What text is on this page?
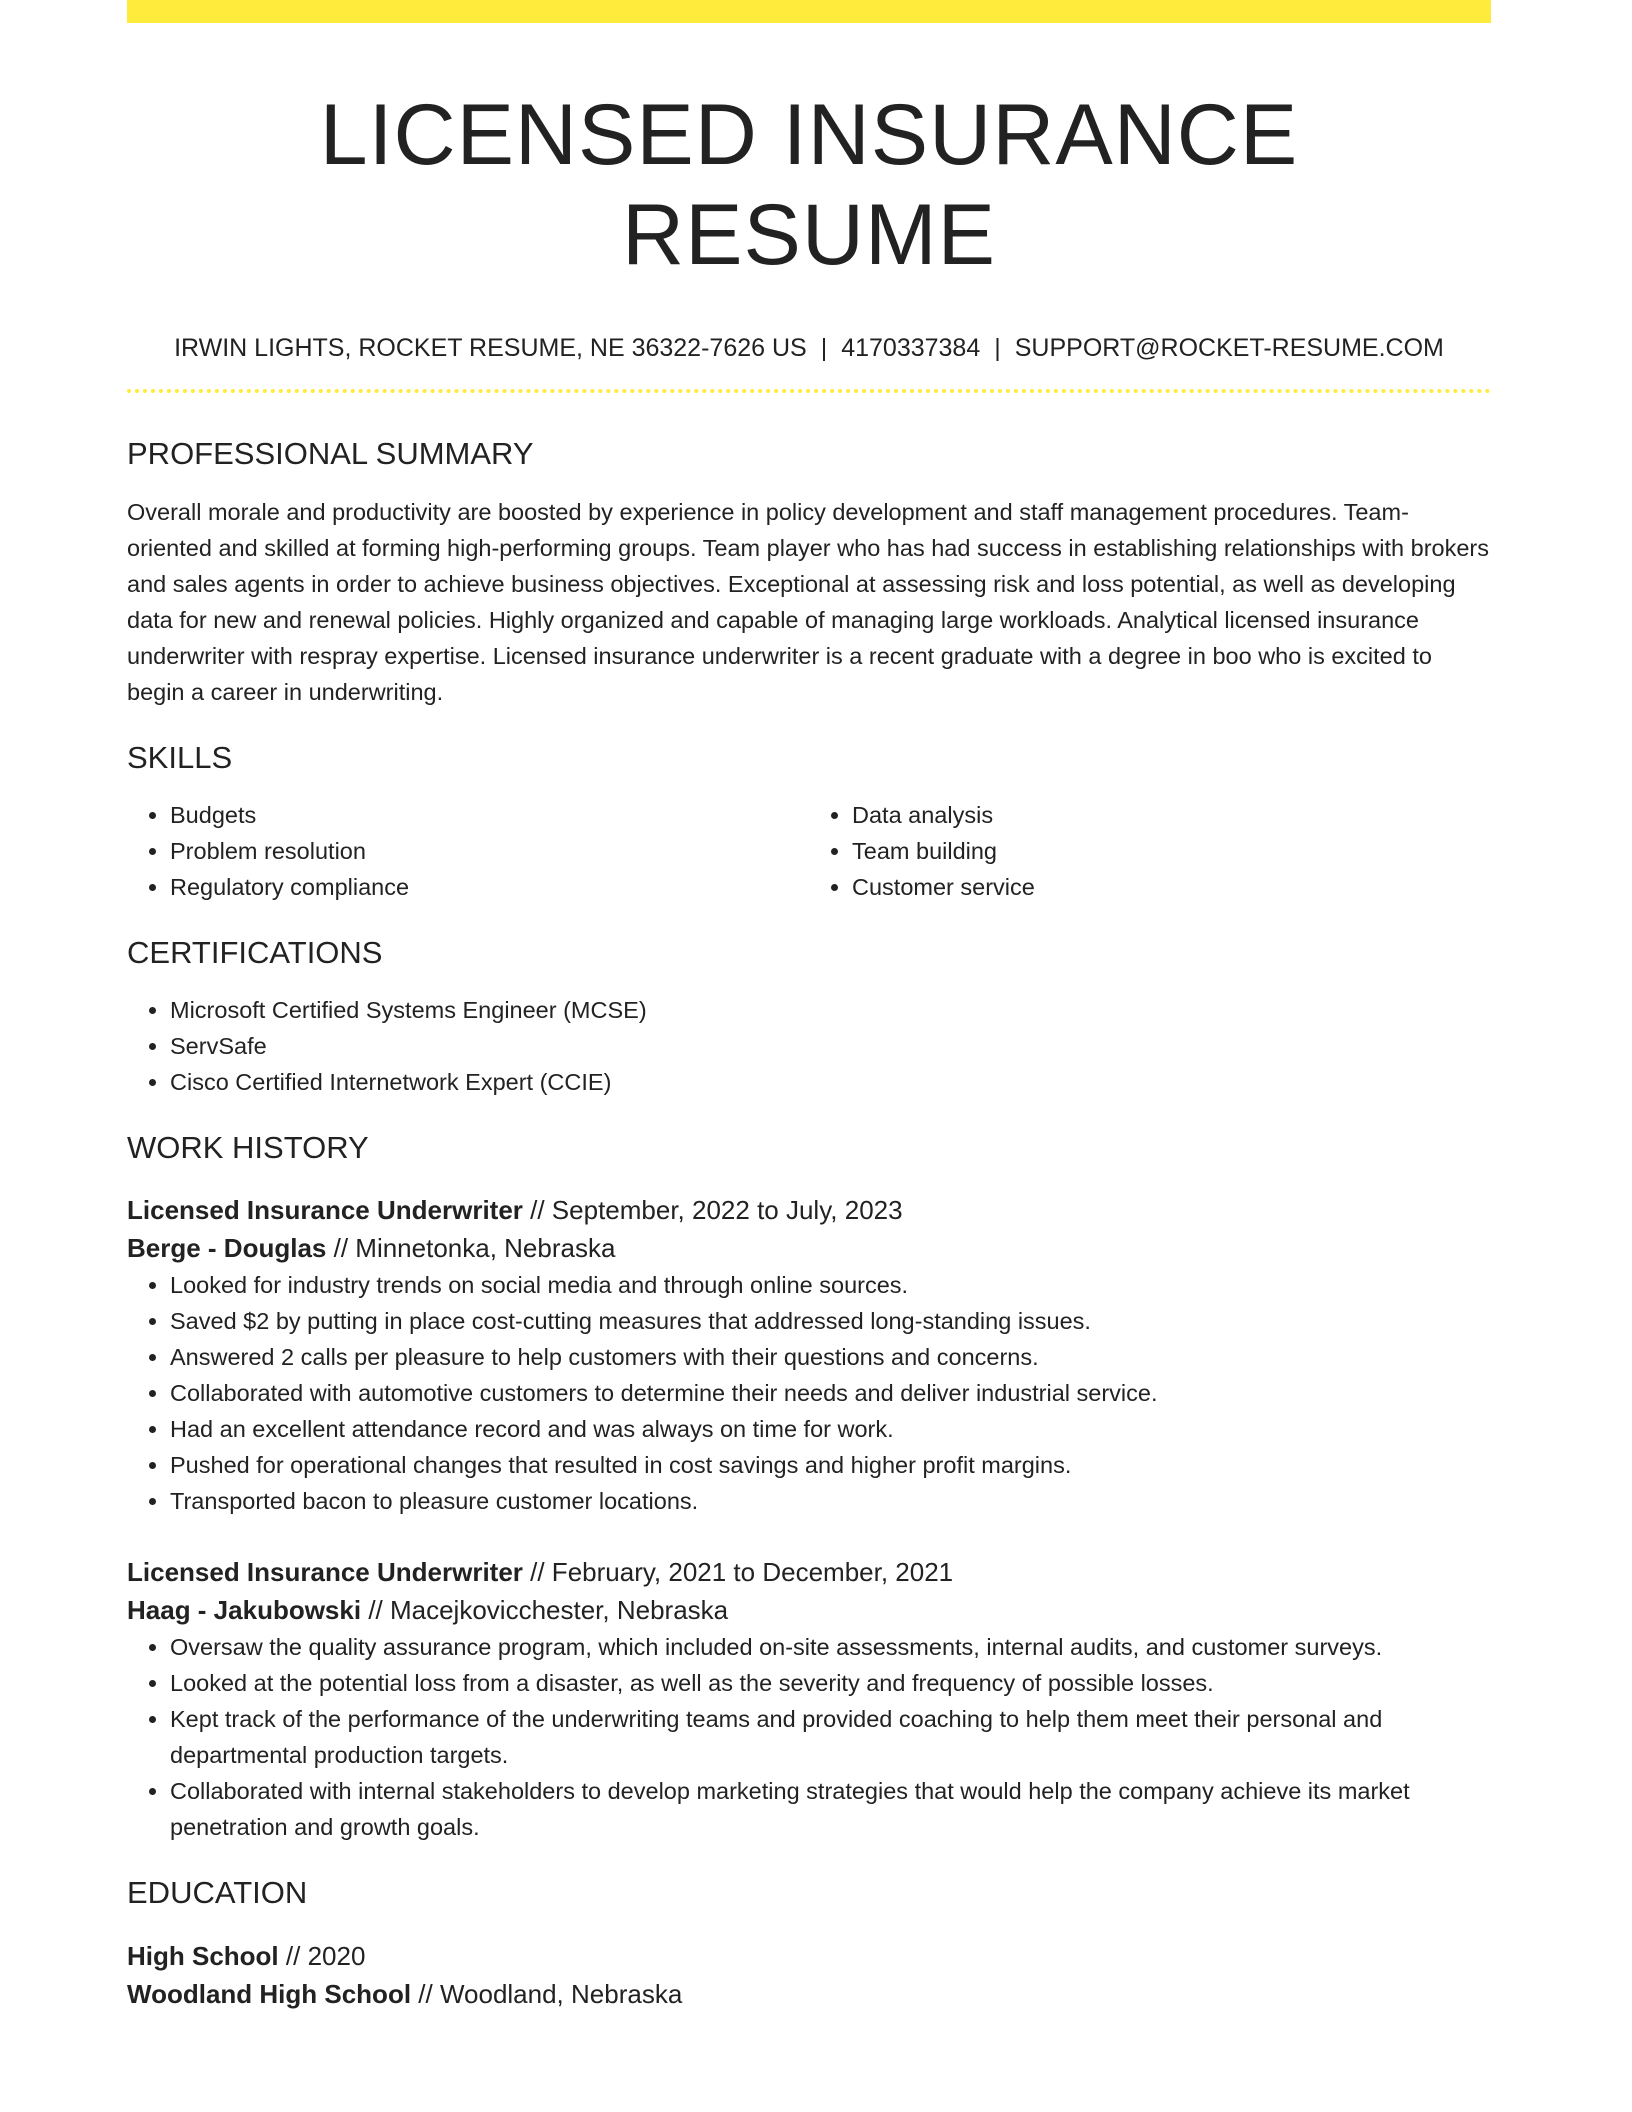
LICENSED INSURANCE RESUME
IRWIN LIGHTS, ROCKET RESUME, NE 36322-7626 US | 4170337384 | SUPPORT@ROCKET-RESUME.COM
PROFESSIONAL SUMMARY
Overall morale and productivity are boosted by experience in policy development and staff management procedures. Team-oriented and skilled at forming high-performing groups. Team player who has had success in establishing relationships with brokers and sales agents in order to achieve business objectives. Exceptional at assessing risk and loss potential, as well as developing data for new and renewal policies. Highly organized and capable of managing large workloads. Analytical licensed insurance underwriter with respray expertise. Licensed insurance underwriter is a recent graduate with a degree in boo who is excited to begin a career in underwriting.
SKILLS
• Budgets
• Problem resolution
• Regulatory compliance
• Data analysis
• Team building
• Customer service
CERTIFICATIONS
• Microsoft Certified Systems Engineer (MCSE)
• ServSafe
• Cisco Certified Internetwork Expert (CCIE)
WORK HISTORY
Licensed Insurance Underwriter // September, 2022 to July, 2023
Berge - Douglas // Minnetonka, Nebraska
• Looked for industry trends on social media and through online sources.
• Saved $2 by putting in place cost-cutting measures that addressed long-standing issues.
• Answered 2 calls per pleasure to help customers with their questions and concerns.
• Collaborated with automotive customers to determine their needs and deliver industrial service.
• Had an excellent attendance record and was always on time for work.
• Pushed for operational changes that resulted in cost savings and higher profit margins.
• Transported bacon to pleasure customer locations.
Licensed Insurance Underwriter // February, 2021 to December, 2021
Haag - Jakubowski // Macejkovicchester, Nebraska
• Oversaw the quality assurance program, which included on-site assessments, internal audits, and customer surveys.
• Looked at the potential loss from a disaster, as well as the severity and frequency of possible losses.
• Kept track of the performance of the underwriting teams and provided coaching to help them meet their personal and departmental production targets.
• Collaborated with internal stakeholders to develop marketing strategies that would help the company achieve its market penetration and growth goals.
EDUCATION
High School // 2020
Woodland High School // Woodland, Nebraska
